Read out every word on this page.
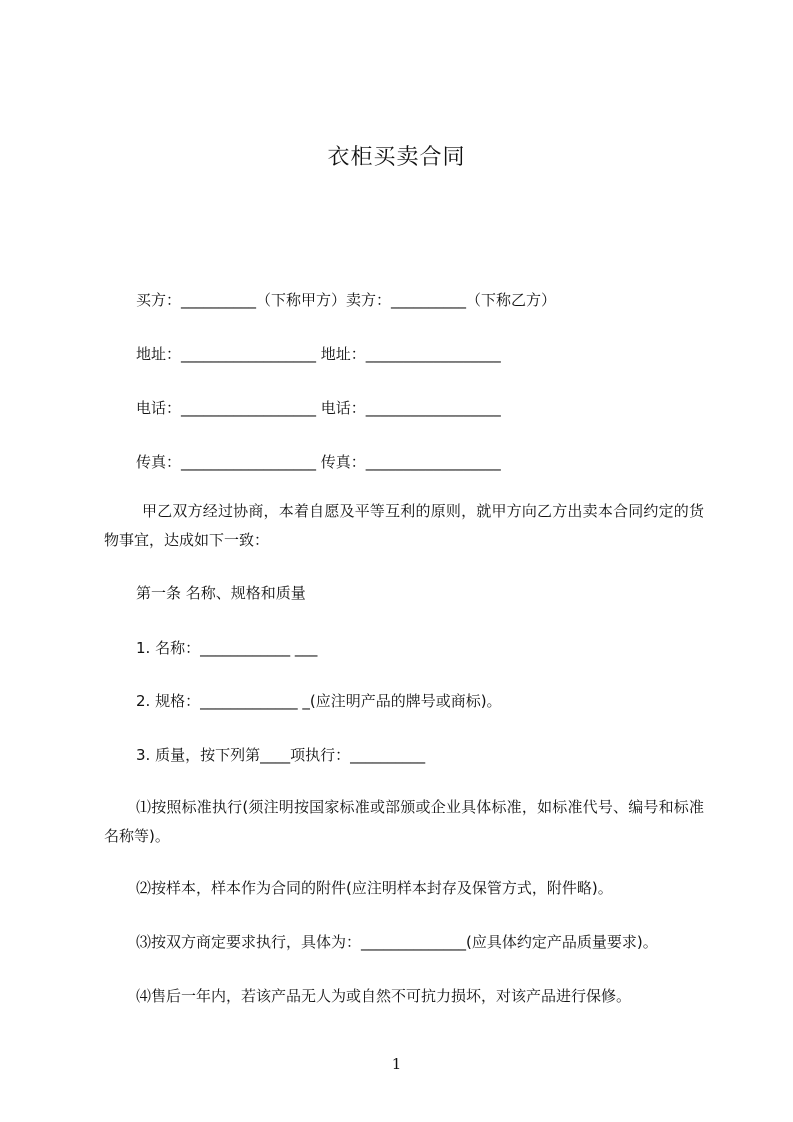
衣柜买卖合同
买方：__________（下称甲方）卖方：__________（下称乙方）
地址：__________________ 地址：__________________
电话：__________________ 电话：__________________
传真：__________________ 传真：__________________
甲乙双方经过协商，本着自愿及平等互利的原则，就甲方向乙方出卖本合同约定的货物事宜，达成如下一致：
第一条 名称、规格和质量
1. 名称：____________ ___
2. 规格：_____________ _(应注明产品的牌号或商标)。
3. 质量，按下列第____项执行：__________
⑴按照标准执行(须注明按国家标准或部颁或企业具体标准，如标准代号、编号和标准名称等)。
⑵按样本，样本作为合同的附件(应注明样本封存及保管方式，附件略)。
⑶按双方商定要求执行，具体为：______________(应具体约定产品质量要求)。
⑷售后一年内，若该产品无人为或自然不可抗力损坏，对该产品进行保修。
1
